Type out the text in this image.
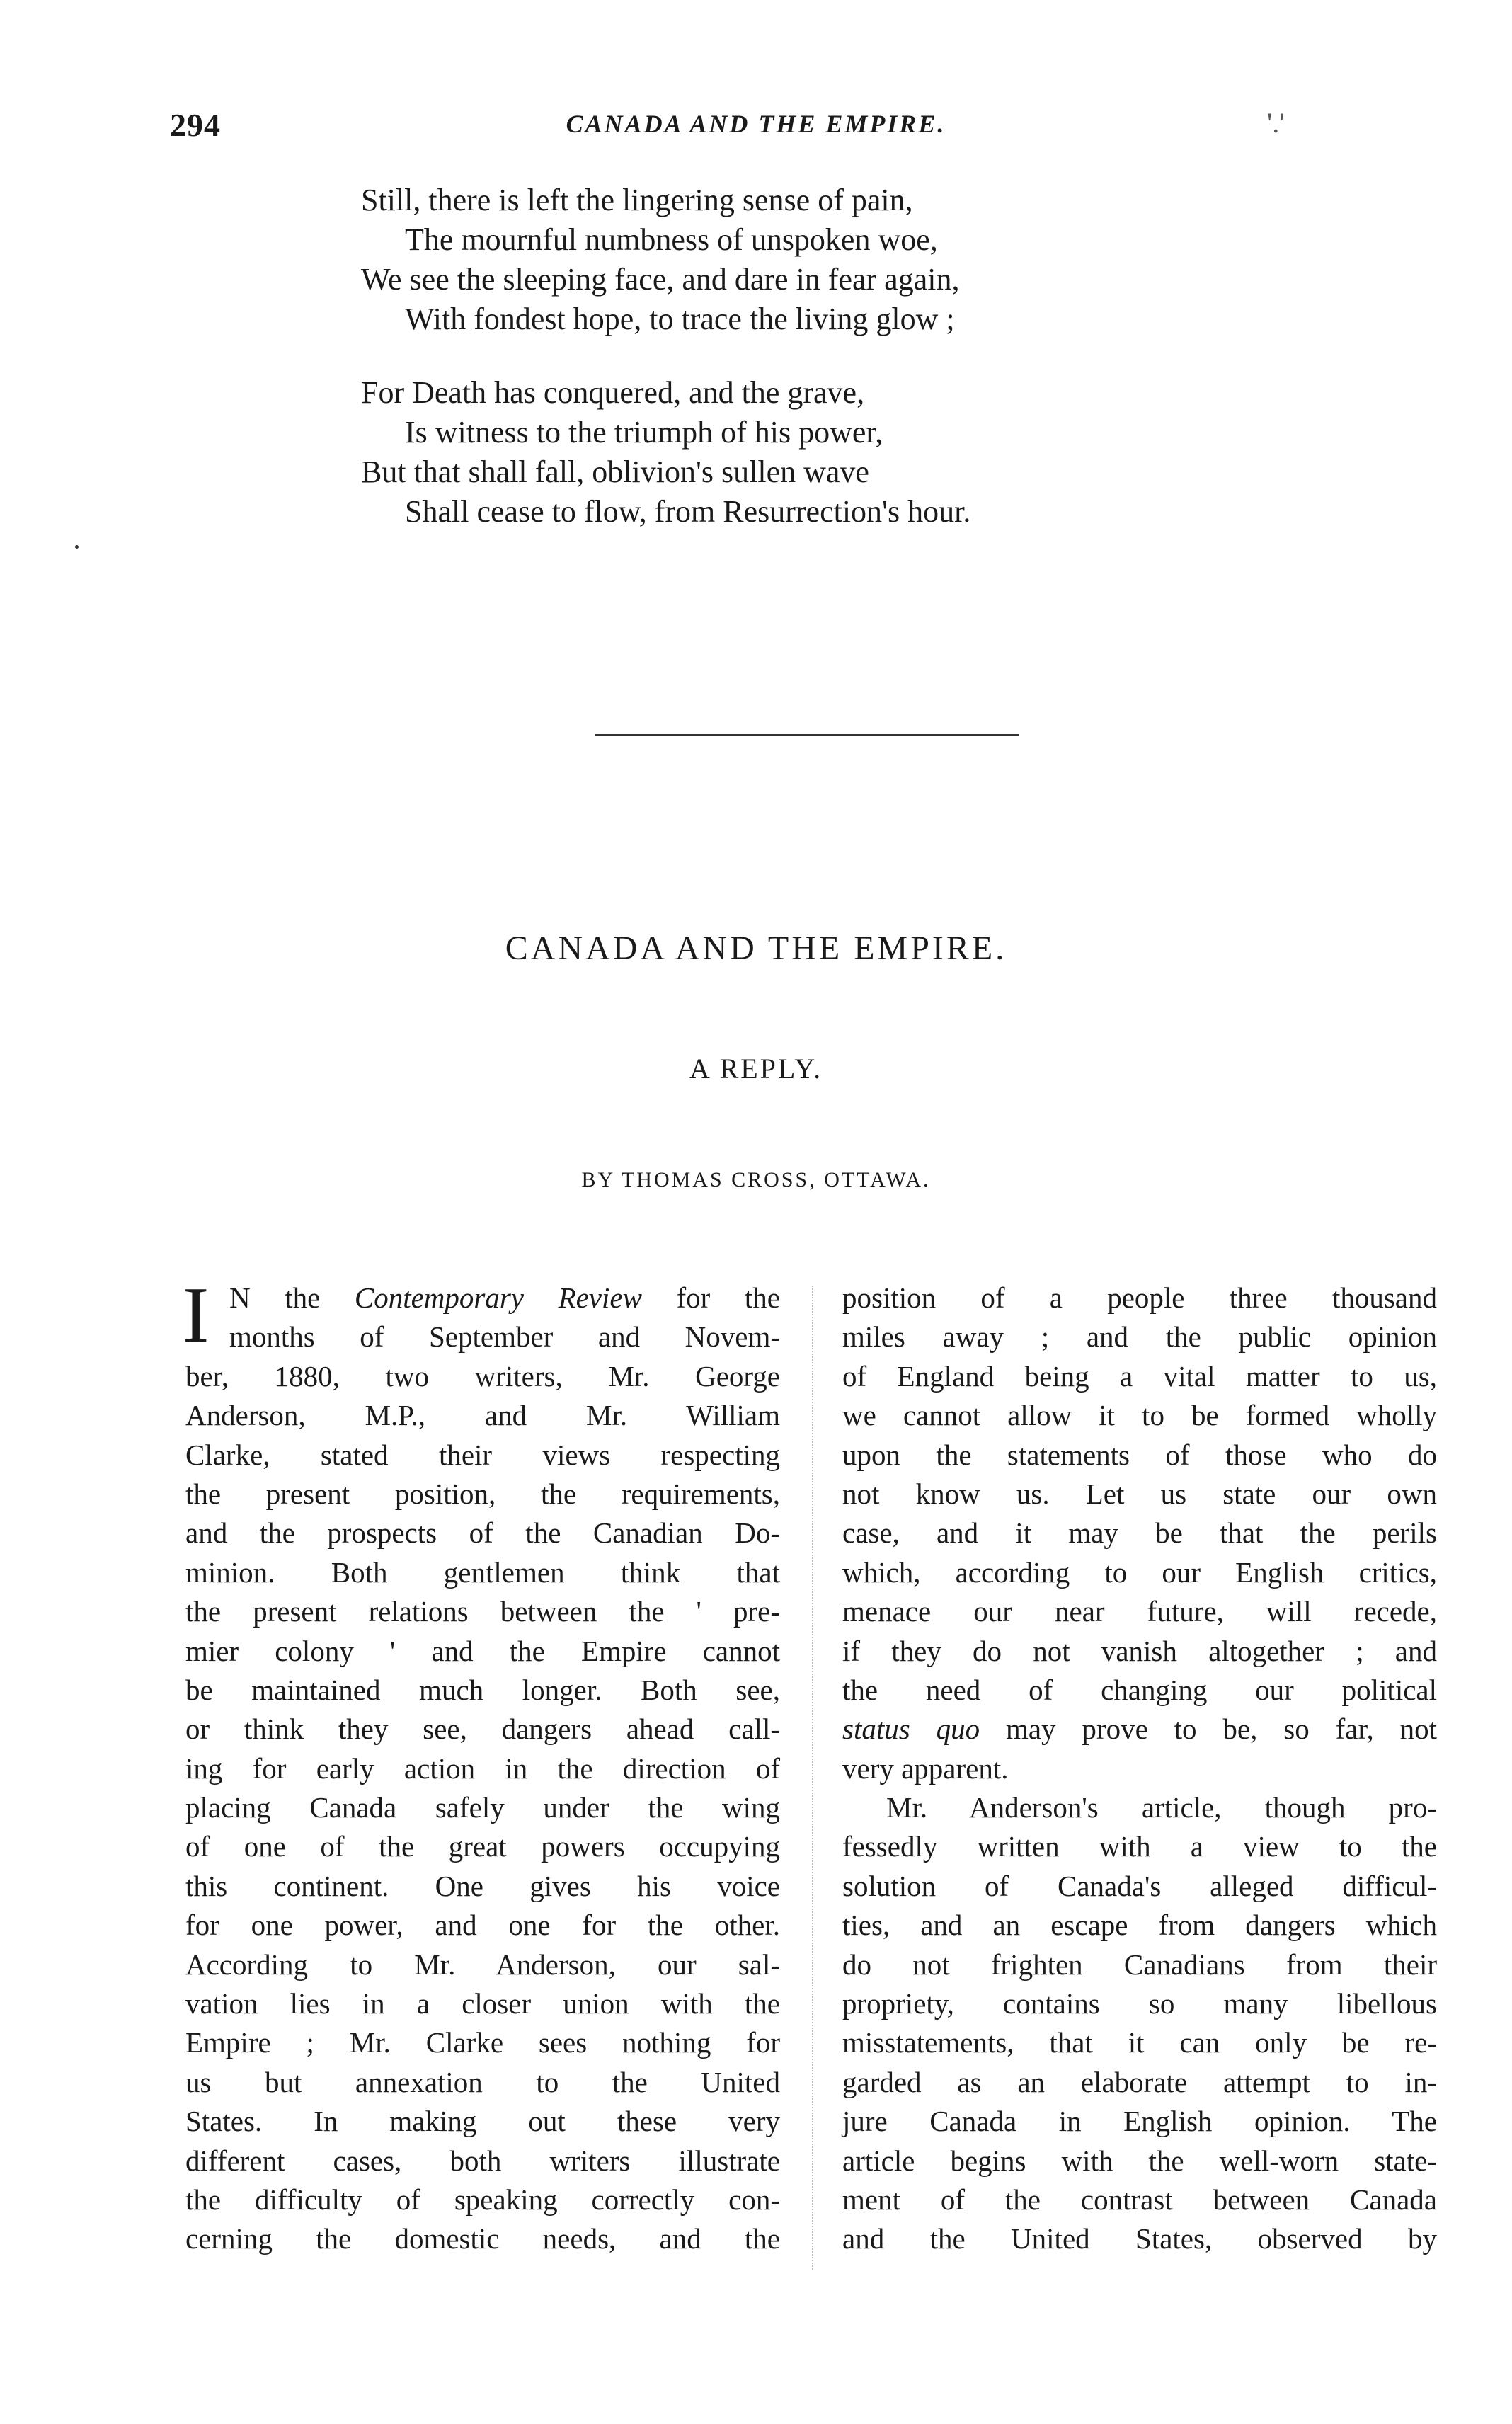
294	CANADA AND THE EMPIRE.	'.'
Still, there is left the lingering sense of pain,
The mournful numbness of unspoken woe,
We see the sleeping face, and dare in fear again,
With fondest hope, to trace the living glow ;
For Death has conquered, and the grave,
Is witness to the triumph of his power,
But that shall fall, oblivion's sullen wave
Shall cease to flow, from Resurrection's hour.
CANADA AND THE EMPIRE.
A REPLY.
BY THOMAS CROSS, OTTAWA.
I N the Contemporary Review for the
months of September and Novem-
ber, 1880, two writers, Mr. George
Anderson, M.P., and Mr. William
Clarke, stated their views respecting
the present position, the requirements,
and the prospects of the Canadian Do-
minion. Both gentlemen think that
the present relations between the ' pre-
mier colony ' and the Empire cannot
be maintained much longer. Both see,
or think they see, dangers ahead call-
ing for early action in the direction of
placing Canada safely under the wing
of one of the great powers occupying
this continent. One gives his voice
for one power, and one for the other.
According to Mr. Anderson, our sal-
vation lies in a closer union with the
Empire ; Mr. Clarke sees nothing for
us but annexation to the United
States. In making out these very
different cases, both writers illustrate
the difficulty of speaking correctly con-
cerning the domestic needs, and the
position of a people three thousand
miles away ; and the public opinion
of England being a vital matter to us,
we cannot allow it to be formed wholly
upon the statements of those who do
not know us. Let us state our own
case, and it may be that the perils
which, according to our English critics,
menace our near future, will recede,
if they do not vanish altogether ; and
the need of changing our political
status quo may prove to be, so far, not
very apparent.
Mr. Anderson's article, though pro-
fessedly written with a view to the
solution of Canada's alleged difficul-
ties, and an escape from dangers which
do not frighten Canadians from their
propriety, contains so many libellous
misstatements, that it can only be re-
garded as an elaborate attempt to in-
jure Canada in English opinion. The
article begins with the well-worn state-
ment of the contrast between Canada
and the United States, observed by
